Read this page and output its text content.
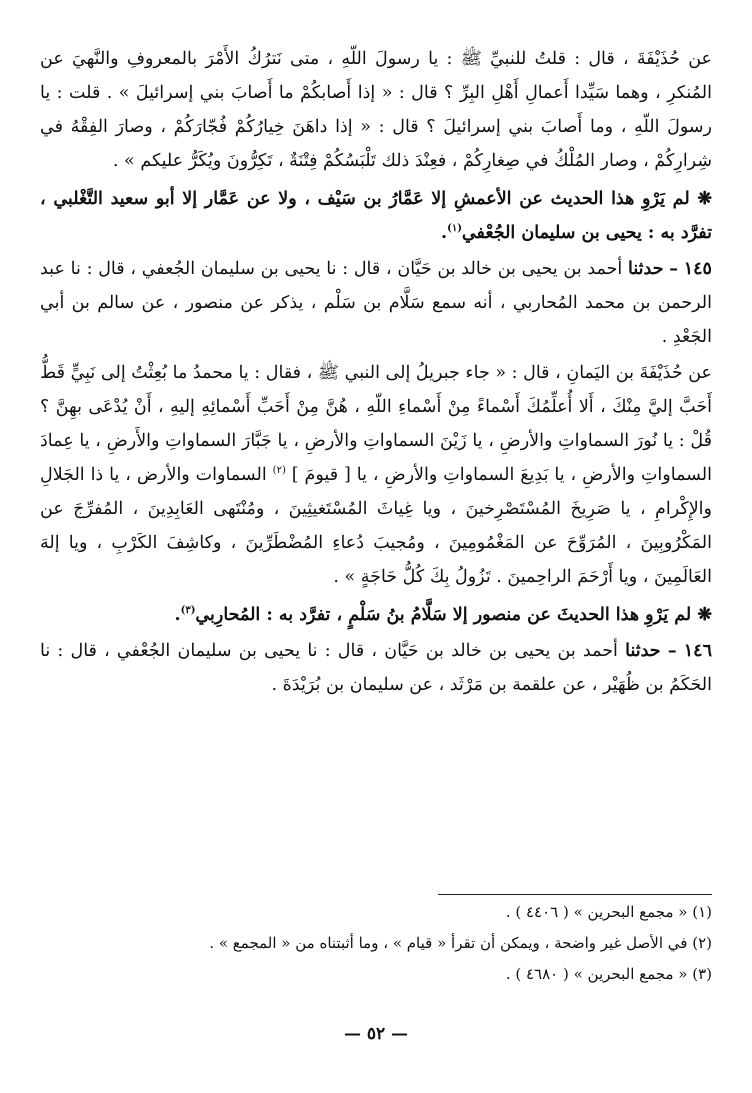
عن حُذَيْفَةَ ، قال : قلتُ للنبيِّ ﷺ : يا رسولَ اللّهِ ، متى نَترُكُ الأَمْرَ بالمعروفِ والنَّهيَ عن المُنكرِ ، وهما سَيِّدا أَعمالِ أَهْلِ البِرِّ ؟ قال : « إذا أَصابكُمْ ما أَصابَ بني إسرائيلَ » . قلت : يا رسولَ اللّهِ ، وما أَصابَ بني إسرائيلَ ؟ قال : « إذا داهَنَ خِيارُكُمْ فُجّارَكُمْ ، وصارَ الفِقْهُ في شِرارِكُمْ ، وصار المُلْكُ في صِغارِكُمْ ، فعِنْدَ ذلك تَلْبَسُكُمْ فِتْنَةٌ ، تَكِرُّونَ ويُكَرُّ عليكم » .

❋ لم يَرْوِ هذا الحديث عن الأعمشِ إلا عَمَّارُ بن سَيْف ، ولا عن عَمَّار إلا أبو سعيد التَّغْلبي ، تفرَّد به : يحيى بن سليمان الجُعْفي$^{(١)}$.

١٤٥ – حدثنا أحمد بن يحيى بن خالد بن حَيَّان ، قال : نا يحيى بن سليمان الجُعفي ، قال : نا عبد الرحمن بن محمد المُحاربي ، أنه سمع سَلَّام بن سَلْم ، يذكر عن منصور ، عن سالم بن أبي الجَعْدِ .

عن حُذَيْفَةَ بن اليَمانِ ، قال : « جاء جبريلُ إلى النبي ﷺ ، فقال : يا محمدُ ما بُعِثْتُ إلى نَبِيٍّ قَطُّ أَحَبَّ إليَّ مِنْكَ ، أَلا أُعلِّمُكَ أَسْماءً مِنْ أَسْماءِ اللّهِ ، هُنَّ مِنْ أَحَبِّ أَسْمائِهِ إليهِ ، أَنْ يُدْعَى بهِنَّ ؟ قُلْ : يا نُورَ السماواتِ والأرضِ ، يا زَيْنَ السماواتِ والأرضِ ، يا جَبَّارَ السماواتِ والأَرضِ ، يا عِمادَ السماواتِ والأرضِ ، يا بَدِيعَ السماواتِ والأرضِ ، يا [ قيومَ ] $^{(٢)}$ السماوات والأرض ، يا ذا الجَلالِ والإِكْرامِ ، يا صَرِيخَ المُسْتَصْرِخينَ ، ويا غِياثَ المُسْتَغيثِينَ ، ومُنْتَهى العَابِدِينَ ، المُفرِّجَ عن المَكْرُوبِينَ ، المُرَوِّحَ عن المَغْمُومِينَ ، ومُجيبَ دُعاءِ المُضْطَرِّينَ ، وكاشِفَ الكَرْبِ ، ويا إلهَ العَالَمِينَ ، ويا أَرْحَمَ الراحِمينَ . تَزُولُ بِكَ كُلُّ حَاجَةٍ » .

❋ لم يَرْوِ هذا الحديثَ عن منصور إلا سَلَّامُ بنُ سَلْمٍ ، تفرَّد به : المُحارِبي$^{(٣)}$.

١٤٦ – حدثنا أحمد بن يحيى بن خالد بن حَيَّان ، قال : نا يحيى بن سليمان الجُعْفي ، قال : نا الحَكَمُ بن ظُهَيْر ، عن علقمة بن مَرْثَد ، عن سليمان بن بُرَيْدَةَ .

(١) « مجمع البحرين » ( ٤٤٠٦ ) .

(٢) في الأصل غير واضحة ، ويمكن أن تقرأ « قيام » ، وما أثبتناه من « المجمع » .

(٣) « مجمع البحرين » ( ٤٦٨٠ ) .

— ٥٢ —
